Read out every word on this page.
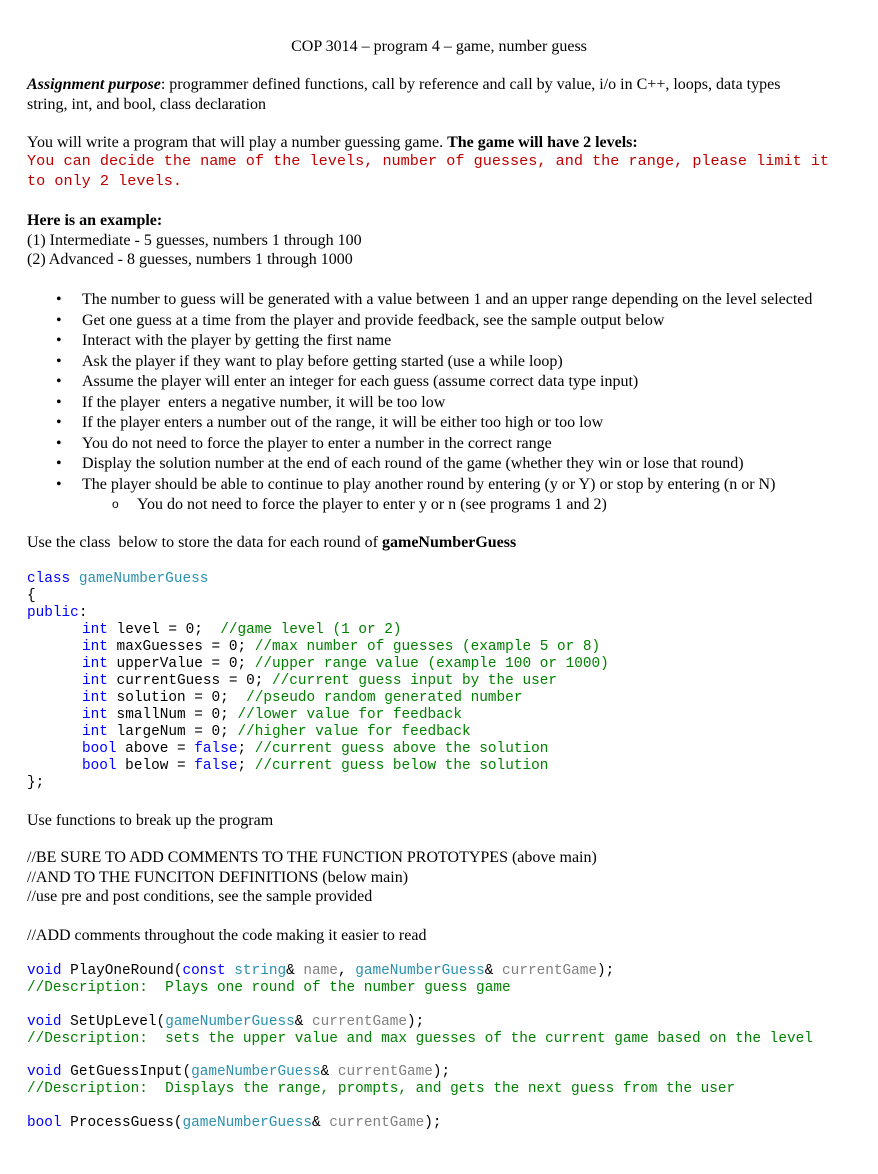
COP 3014 – program 4 – game, number guess
Assignment purpose: programmer defined functions, call by reference and call by value, i/o in C++, loops, data types
string, int, and bool, class declaration
You will write a program that will play a number guessing game. The game will have 2 levels:
You can decide the name of the levels, number of guesses, and the range, please limit it
to only 2 levels.
Here is an example:
(1) Intermediate - 5 guesses, numbers 1 through 100
(2) Advanced - 8 guesses, numbers 1 through 1000
• The number to guess will be generated with a value between 1 and an upper range depending on the level selected
• Get one guess at a time from the player and provide feedback, see the sample output below
• Interact with the player by getting the first name
• Ask the player if they want to play before getting started (use a while loop)
• Assume the player will enter an integer for each guess (assume correct data type input)
• If the player  enters a negative number, it will be too low
• If the player enters a number out of the range, it will be either too high or too low
• You do not need to force the player to enter a number in the correct range
• Display the solution number at the end of each round of the game (whether they win or lose that round)
• The player should be able to continue to play another round by entering (y or Y) or stop by entering (n or N)
o You do not need to force the player to enter y or n (see programs 1 and 2)
Use the class  below to store the data for each round of gameNumberGuess
class gameNumberGuess
{
public:
int level = 0;  //game level (1 or 2)
int maxGuesses = 0; //max number of guesses (example 5 or 8)
int upperValue = 0; //upper range value (example 100 or 1000)
int currentGuess = 0; //current guess input by the user
int solution = 0;  //pseudo random generated number
int smallNum = 0; //lower value for feedback
int largeNum = 0; //higher value for feedback
bool above = false; //current guess above the solution
bool below = false; //current guess below the solution
};
Use functions to break up the program
//BE SURE TO ADD COMMENTS TO THE FUNCTION PROTOTYPES (above main)
//AND TO THE FUNCITON DEFINITIONS (below main)
//use pre and post conditions, see the sample provided
//ADD comments throughout the code making it easier to read
void PlayOneRound(const string& name, gameNumberGuess& currentGame);
//Description:  Plays one round of the number guess game
void SetUpLevel(gameNumberGuess& currentGame);
//Description:  sets the upper value and max guesses of the current game based on the level
void GetGuessInput(gameNumberGuess& currentGame);
//Description:  Displays the range, prompts, and gets the next guess from the user
bool ProcessGuess(gameNumberGuess& currentGame);
